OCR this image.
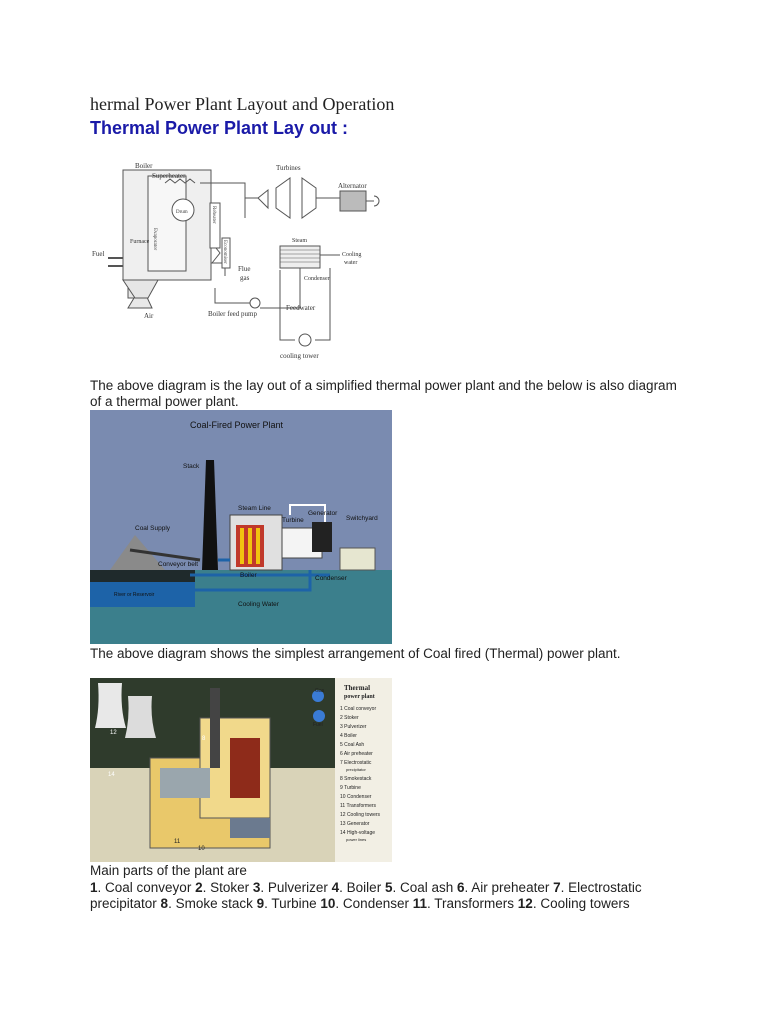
hermal Power Plant Layout and Operation
Thermal Power Plant Lay out :
Boiler
Superheater
Turbines
Alternator
Drum
Furnace
Fuel
Air
Flue
gas
Steam
Cooling
water
Condenser
Feedwater
Boiler feed pump
cooling tower
Evaporator
Reheater
Economiser
The above diagram is the lay out of a simplified thermal power plant and the below is also diagram of a thermal power plant.
Coal-Fired Power Plant
Stack
Steam Line
Generator
Turbine	Switchyard
Coal Supply
Conveyor belt
Boiler	Condenser
River or Reservoir
Cooling Water
The above diagram shows the simplest arrangement of Coal fired (Thermal) power plant.
Gas
Fuel
Thermal
power plant
1 Coal conveyor
2 Stoker
3 Pulverizer
4 Boiler
5 Coal Ash
6 Air preheater
7 Electrostatic
precipitator
8 Smokestack
9 Turbine
10 Condenser
11 Transformers
12 Cooling towers
13 Generator
14 High-voltage
power lines
12
8
14
11
10
Main parts of the plant are
1. Coal conveyor 2. Stoker 3. Pulverizer 4. Boiler 5. Coal ash 6. Air preheater 7. Electrostatic precipitator 8. Smoke stack 9. Turbine 10. Condenser 11. Transformers 12. Cooling towers
